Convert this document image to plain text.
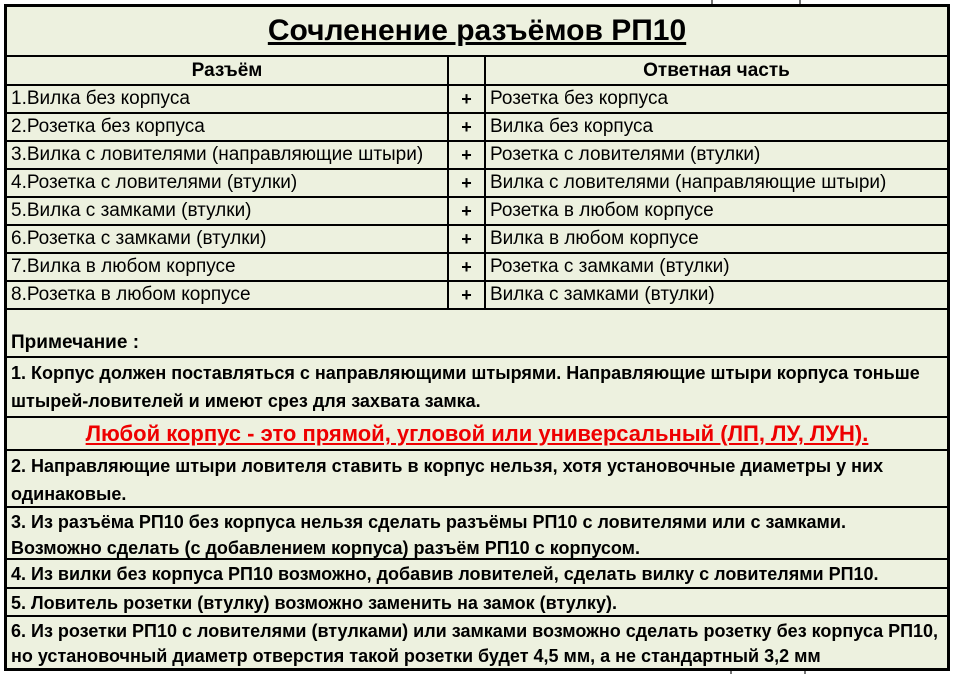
Сочленение разъёмов РП10
Разъём	Ответная часть
1.Вилка без корпуса	+ Розетка без корпуса
2.Розетка без корпуса	+ Вилка без корпуса
3.Вилка с ловителями (направляющие штыри)	+ Розетка с ловителями (втулки)
4.Розетка с ловителями (втулки)	+ Вилка с ловителями (направляющие штыри)
5.Вилка с замками (втулки)	+ Розетка в любом корпусе
6.Розетка с замками (втулки)	+ Вилка в любом корпусе
7.Вилка в любом корпусе	+ Розетка с замками (втулки)
8.Розетка в любом корпусе	+ Вилка с замками (втулки)
Примечание :
1. Корпус должен поставляться с направляющими штырями. Направляющие штыри корпуса тоньше штырей-ловителей и имеют срез для захвата замка.
Любой корпус - это прямой, угловой или универсальный (ЛП, ЛУ, ЛУН).
2. Направляющие штыри ловителя ставить в корпус нельзя, хотя установочные диаметры у них одинаковые.
3. Из разъёма РП10 без корпуса нельзя сделать разъёмы РП10 с ловителями или с замками. Возможно сделать (с добавлением корпуса) разъём РП10 с корпусом.
4. Из вилки без корпуса РП10 возможно, добавив ловителей, сделать вилку с ловителями РП10.
5. Ловитель розетки (втулку) возможно заменить на замок (втулку).
6. Из розетки РП10 с ловителями (втулками) или замками возможно сделать розетку без корпуса РП10, но установочный диаметр отверстия такой розетки будет 4,5 мм, а не стандартный 3,2 мм
